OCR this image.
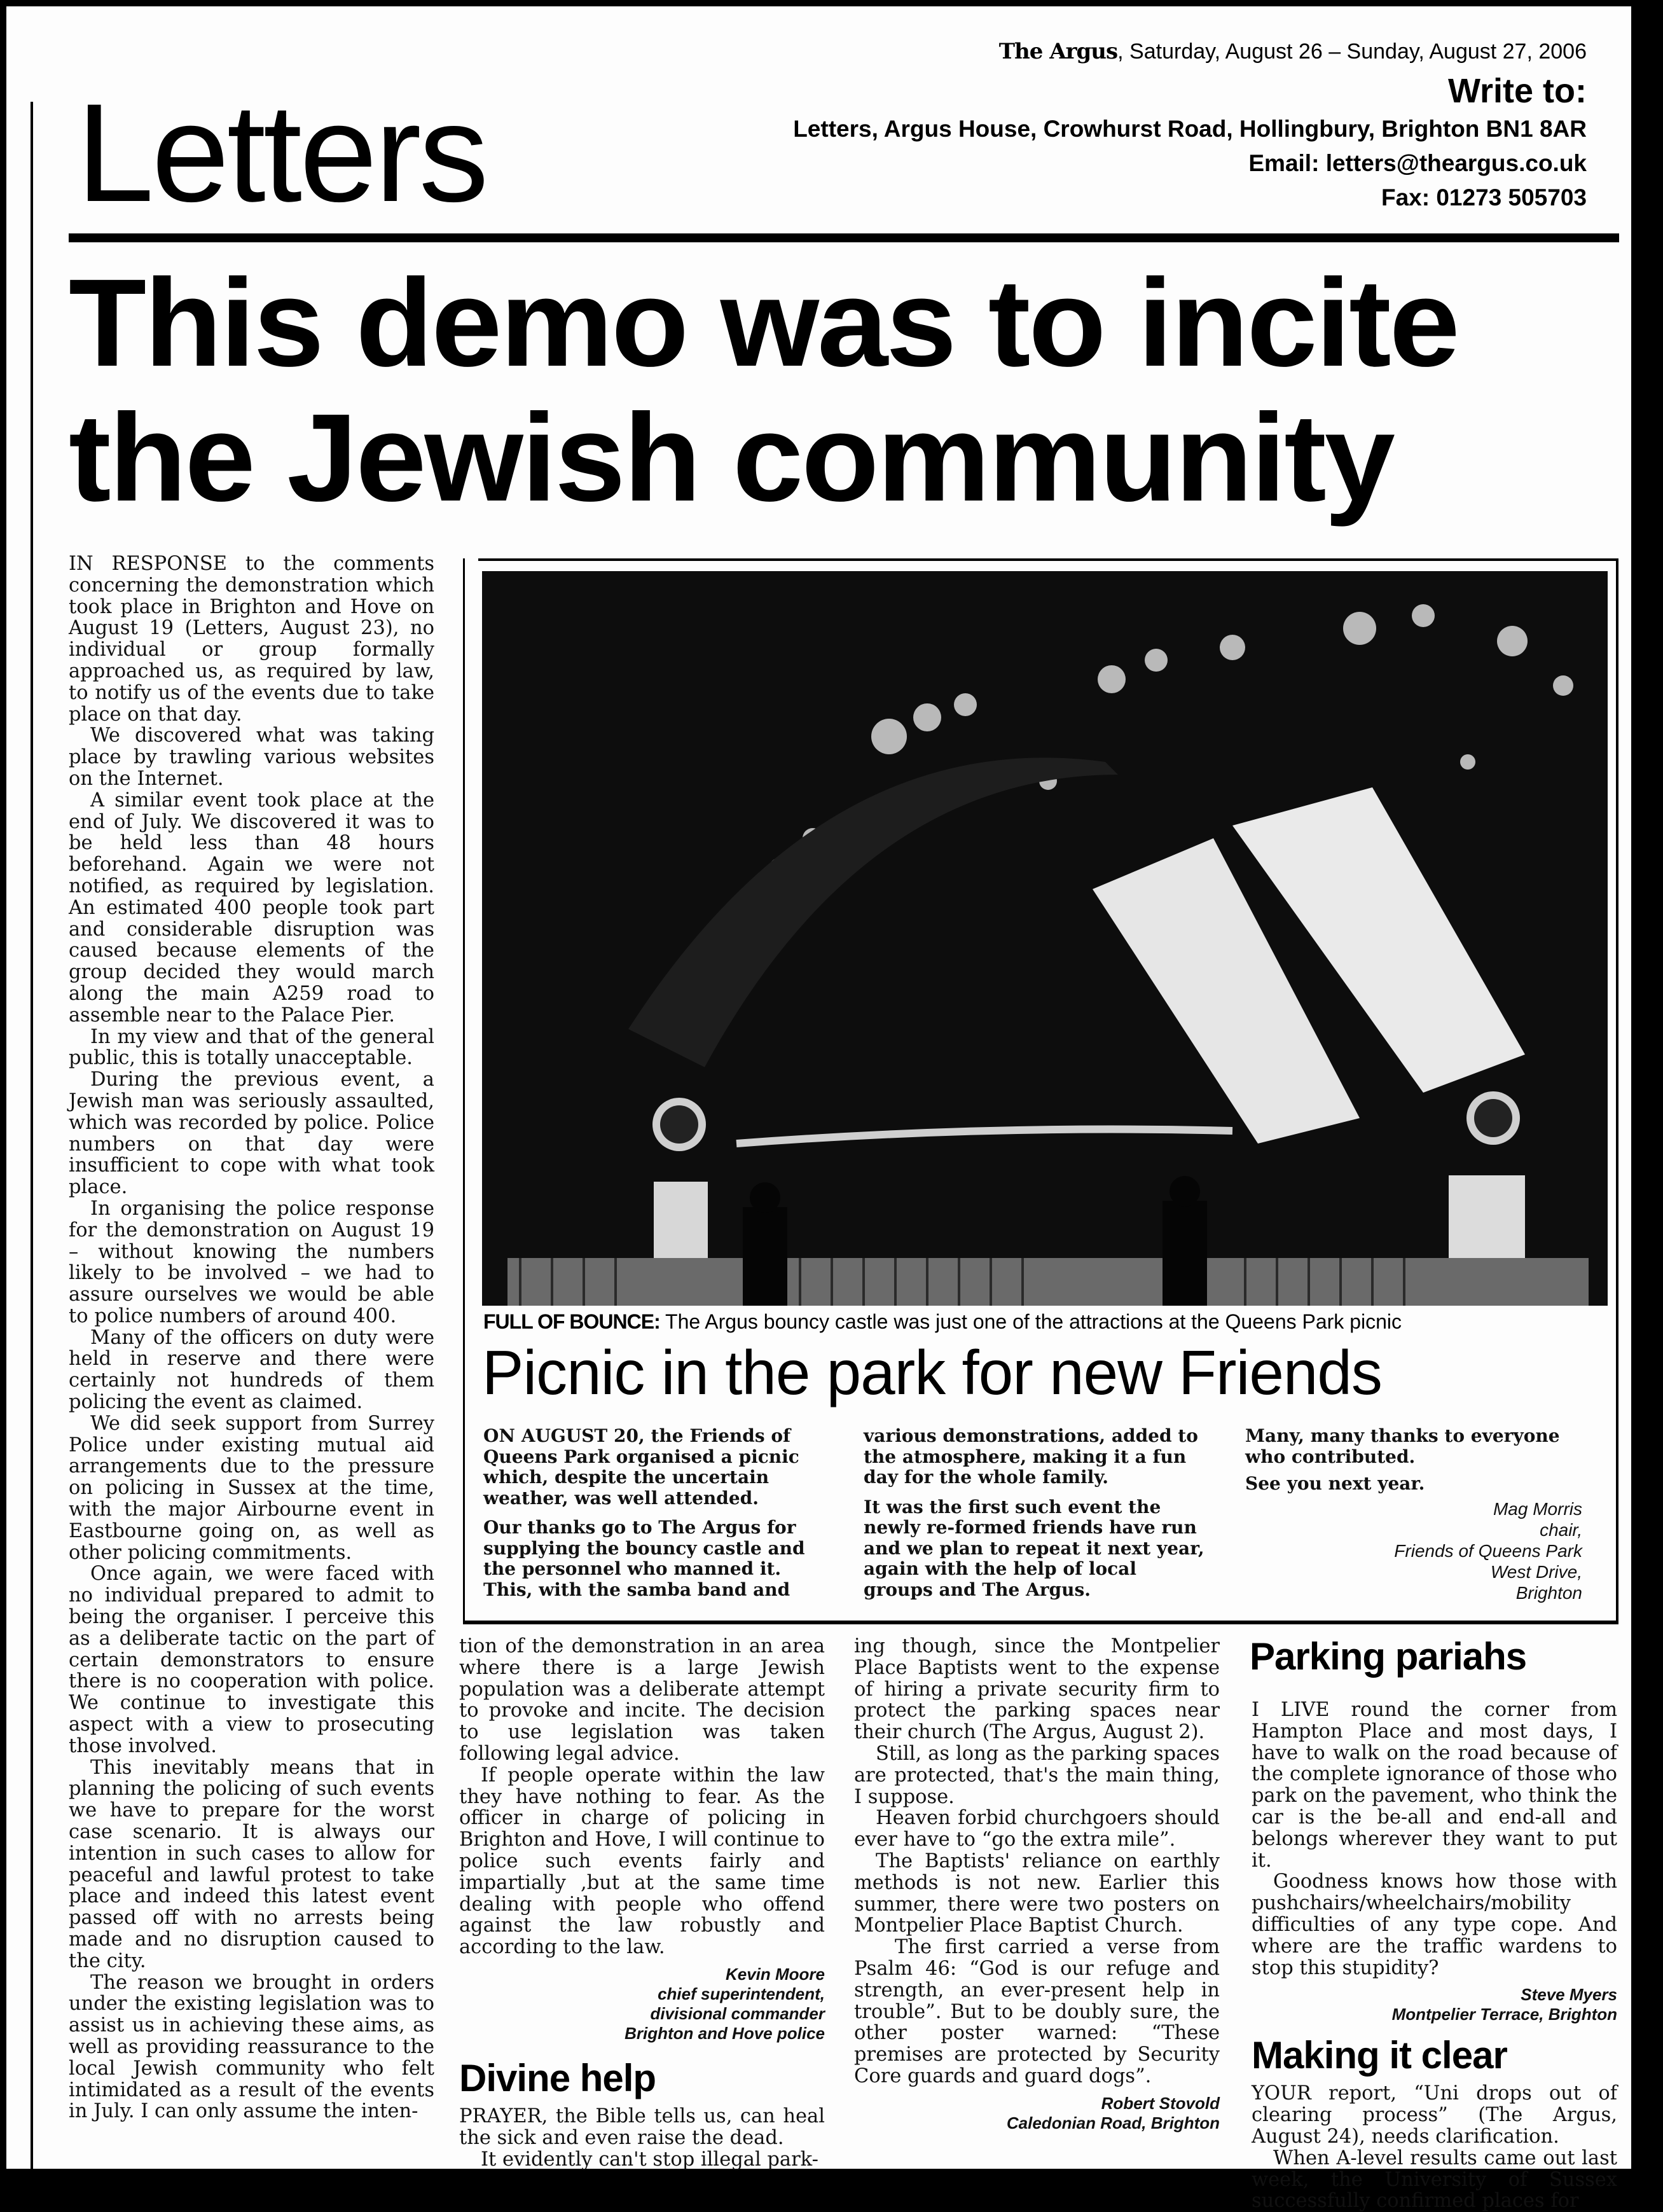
Letters
The Argus, Saturday, August 26 – Sunday, August 27, 2006
Write to:
Letters, Argus House, Crowhurst Road, Hollingbury, Brighton BN1 8AR
Email: letters@theargus.co.uk
Fax: 01273 505703
This demo was to incite
the Jewish community

IN RESPONSE to the comments concerning the demonstration which took place in Brighton and Hove on August 19 (Letters, August 23), no individual or group formally approached us, as required by law, to notify us of the events due to take place on that day.

We discovered what was taking place by trawling various websites on the Internet.

A similar event took place at the end of July. We discovered it was to be held less than 48 hours beforehand. Again we were not notified, as required by legislation. An estimated 400 people took part and considerable disruption was caused because elements of the group decided they would march along the main A259 road to assemble near to the Palace Pier.

In my view and that of the general public, this is totally unacceptable.

During the previous event, a Jewish man was seriously assaulted, which was recorded by police. Police numbers on that day were insufficient to cope with what took place.

In organising the police response for the demonstration on August 19 – without knowing the numbers likely to be involved – we had to assure ourselves we would be able to police numbers of around 400.

Many of the officers on duty were held in reserve and there were certainly not hundreds of them policing the event as claimed.

We did seek support from Surrey Police under existing mutual aid arrangements due to the pressure on policing in Sussex at the time, with the major Airbourne event in Eastbourne going on, as well as other policing commitments.

Once again, we were faced with no individual prepared to admit to being the organiser. I perceive this as a deliberate tactic on the part of certain demonstrators to ensure there is no cooperation with police. We continue to investigate this aspect with a view to prosecuting those involved.

This inevitably means that in planning the policing of such events we have to prepare for the worst case scenario. It is always our intention in such cases to allow for peaceful and lawful protest to take place and indeed this latest event passed off with no arrests being made and no disruption caused to the city.

The reason we brought in orders under the existing legislation was to assist us in achieving these aims, as well as providing reassurance to the local Jewish community who felt intimidated as a result of the events in July. I can only assume the inten-

FULL OF BOUNCE: The Argus bouncy castle was just one of the attractions at the Queens Park picnic
Picnic in the park for new Friends

ON AUGUST 20, the Friends of Queens Park organised a picnic which, despite the uncertain weather, was well attended.

Our thanks go to The Argus for supplying the bouncy castle and the personnel who manned it. This, with the samba band and

various demonstrations, added to the atmosphere, making it a fun day for the whole family.

It was the first such event the newly re-formed friends have run and we plan to repeat it next year, again with the help of local groups and The Argus.

Many, many thanks to everyone who contributed.

See you next year.

Mag Morris
chair,
Friends of Queens Park
West Drive,
Brighton

tion of the demonstration in an area where there is a large Jewish population was a deliberate attempt to provoke and incite. The decision to use legislation was taken following legal advice.

If people operate within the law they have nothing to fear. As the officer in charge of policing in Brighton and Hove, I will continue to police such events fairly and impartially ,but at the same time dealing with people who offend against the law robustly and according to the law.

Kevin Moore
chief superintendent,
divisional commander
Brighton and Hove police
Divine help

PRAYER, the Bible tells us, can heal the sick and even raise the dead.

It evidently can't stop illegal park-

ing though, since the Montpelier Place Baptists went to the expense of hiring a private security firm to protect the parking spaces near their church (The Argus, August 2).

Still, as long as the parking spaces are protected, that's the main thing, I suppose.

Heaven forbid churchgoers should ever have to “go the extra mile”.

The Baptists' reliance on earthly methods is not new. Earlier this summer, there were two posters on Montpelier Place Baptist Church.

The first carried a verse from Psalm 46: “God is our refuge and strength, an ever-present help in trouble”. But to be doubly sure, the other poster warned: “These premises are protected by Security Core guards and guard dogs”.

Robert Stovold
Caledonian Road, Brighton
Parking pariahs

I LIVE round the corner from Hampton Place and most days, I have to walk on the road because of the complete ignorance of those who park on the pavement, who think the car is the be-all and end-all and belongs wherever they want to put it.

Goodness knows how those with pushchairs/wheelchairs/mobility difficulties of any type cope. And where are the traffic wardens to stop this stupidity?

Steve Myers
Montpelier Terrace, Brighton
Making it clear

YOUR report, “Uni drops out of clearing process” (The Argus, August 24), needs clarification.

When A-level results came out last week, the University of Sussex successfully confirmed places for
